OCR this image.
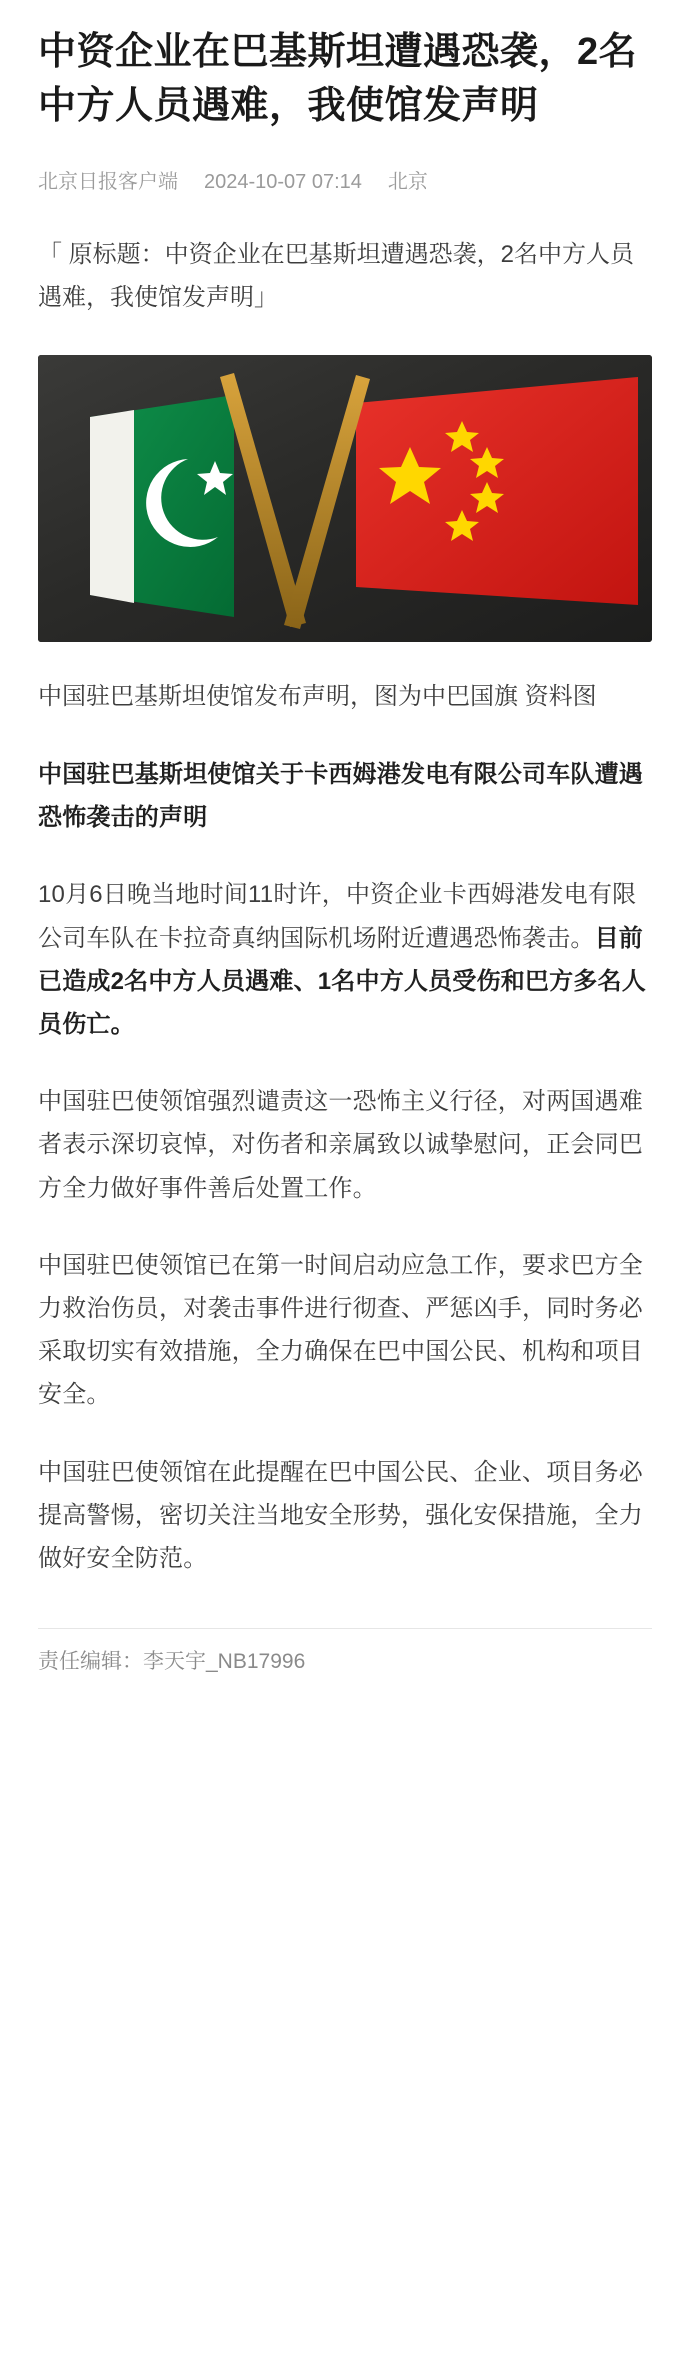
中资企业在巴基斯坦遭遇恐袭，2名中方人员遇难，我使馆发声明
北京日报客户端 2024-10-07 07:14 北京
「 原标题：中资企业在巴基斯坦遭遇恐袭，2名中方人员遇难，我使馆发声明」
中国驻巴基斯坦使馆发布声明，图为中巴国旗 资料图
中国驻巴基斯坦使馆关于卡西姆港发电有限公司车队遭遇恐怖袭击的声明

10月6日晚当地时间11时许，中资企业卡西姆港发电有限公司车队在卡拉奇真纳国际机场附近遭遇恐怖袭击。目前已造成2名中方人员遇难、1名中方人员受伤和巴方多名人员伤亡。

中国驻巴使领馆强烈谴责这一恐怖主义行径，对两国遇难者表示深切哀悼，对伤者和亲属致以诚挚慰问，正会同巴方全力做好事件善后处置工作。

中国驻巴使领馆已在第一时间启动应急工作，要求巴方全力救治伤员，对袭击事件进行彻查、严惩凶手，同时务必采取切实有效措施，全力确保在巴中国公民、机构和项目安全。

中国驻巴使领馆在此提醒在巴中国公民、企业、项目务必提高警惕，密切关注当地安全形势，强化安保措施，全力做好安全防范。

责任编辑：李天宇_NB17996
